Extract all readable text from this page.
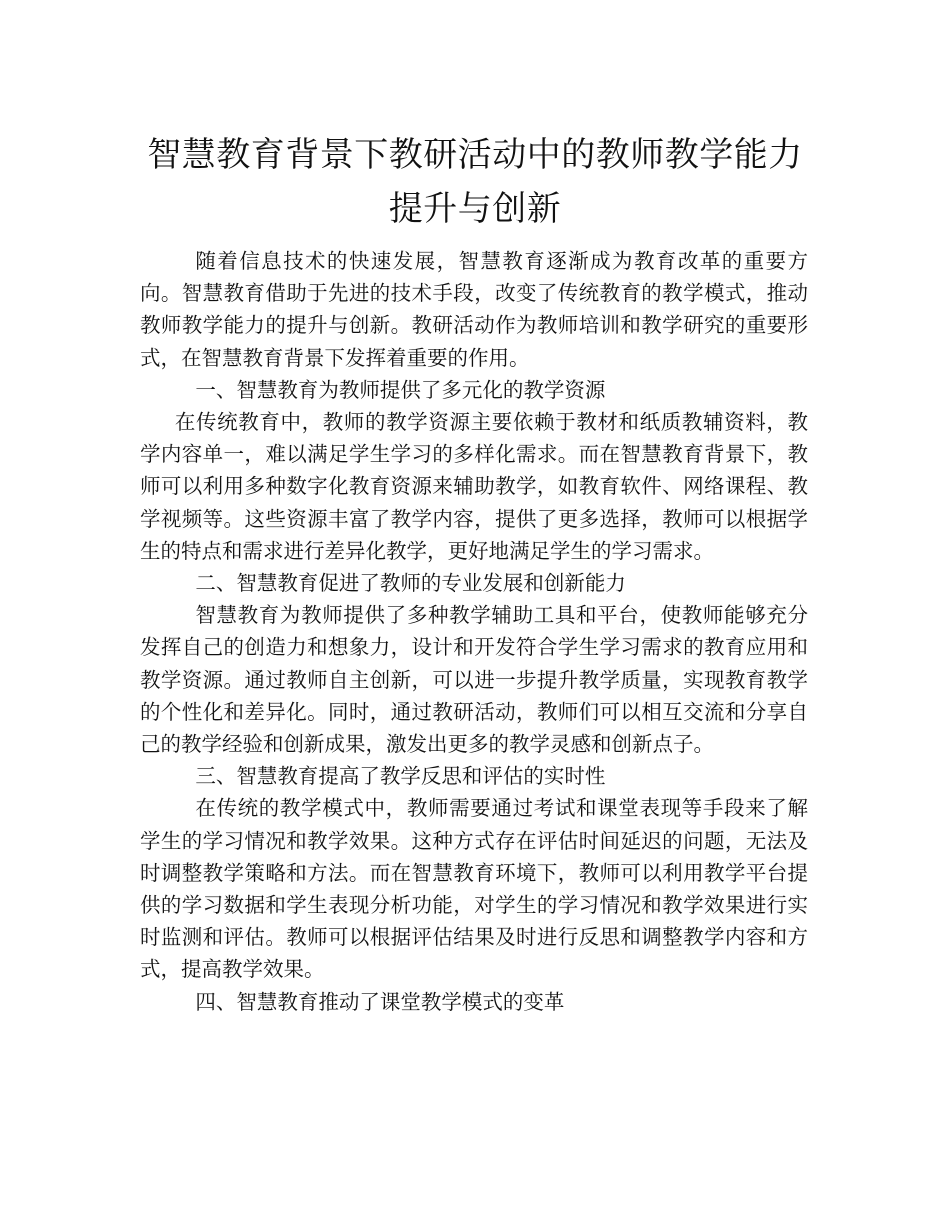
智慧教育背景下教研活动中的教师教学能力
提升与创新

随着信息技术的快速发展，智慧教育逐渐成为教育改革的重要方向。智慧教育借助于先进的技术手段，改变了传统教育的教学模式，推动教师教学能力的提升与创新。教研活动作为教师培训和教学研究的重要形式，在智慧教育背景下发挥着重要的作用。

一、智慧教育为教师提供了多元化的教学资源

在传统教育中，教师的教学资源主要依赖于教材和纸质教辅资料，教学内容单一，难以满足学生学习的多样化需求。而在智慧教育背景下，教师可以利用多种数字化教育资源来辅助教学，如教育软件、网络课程、教学视频等。这些资源丰富了教学内容，提供了更多选择，教师可以根据学生的特点和需求进行差异化教学，更好地满足学生的学习需求。

二、智慧教育促进了教师的专业发展和创新能力

智慧教育为教师提供了多种教学辅助工具和平台，使教师能够充分发挥自己的创造力和想象力，设计和开发符合学生学习需求的教育应用和教学资源。通过教师自主创新，可以进一步提升教学质量，实现教育教学的个性化和差异化。同时，通过教研活动，教师们可以相互交流和分享自己的教学经验和创新成果，激发出更多的教学灵感和创新点子。

三、智慧教育提高了教学反思和评估的实时性

在传统的教学模式中，教师需要通过考试和课堂表现等手段来了解学生的学习情况和教学效果。这种方式存在评估时间延迟的问题，无法及时调整教学策略和方法。而在智慧教育环境下，教师可以利用教学平台提供的学习数据和学生表现分析功能，对学生的学习情况和教学效果进行实时监测和评估。教师可以根据评估结果及时进行反思和调整教学内容和方式，提高教学效果。

四、智慧教育推动了课堂教学模式的变革
